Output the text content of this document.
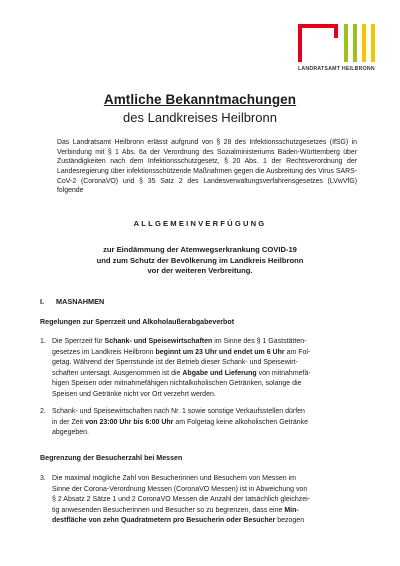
LANDRATSAMT HEILBRONN
Amtliche Bekanntmachungen
des Landkreises Heilbronn

Das Landratsamt Heilbronn erlässt aufgrund von § 28 des Infektionsschutzgesetzes (IfSG) in Verbindung mit § 1 Abs. 6a der Verordnung des Sozialministeriums Baden-Württemberg über Zuständigkeiten nach dem Infektionsschutzgesetz, § 20 Abs. 1 der Rechtsverordnung der Landesregierung über infektionsschützende Maßnahmen gegen die Ausbreitung des Virus SARS-CoV-2 (CoronaVO) und § 35 Satz 2 des Landesverwaltungsverfahrensgesetzes (LVwVfG) folgende

ALLGEMEINVERFÜGUNG
zur Eindämmung der Atemwegserkrankung COVID-19
und zum Schutz der Bevölkerung im Landkreis Heilbronn
vor der weiteren Verbreitung.
I. MASNAHMEN
Regelungen zur Sperrzeit und Alkoholaußerabgabeverbot
1. Die Sperrzeit für Schank- und Speisewirtschaften im Sinne des § 1 Gaststätten-
gesetzes im Landkreis Heilbronn beginnt um 23 Uhr und endet um 6 Uhr am Fol-
getag. Während der Sperrstunde ist der Betrieb dieser Schank- und Speisewirt-
schaften untersagt. Ausgenommen ist die Abgabe und Lieferung von mitnahmefä-
higen Speisen oder mitnahmefähigen nichtalkoholischen Getränken, solange die
Speisen und Getränke nicht vor Ort verzehrt werden.
2. Schank- und Speisewirtschaften nach Nr. 1 sowie sonstige Verkaufsstellen dürfen
in der Zeit von 23:00 Uhr bis 6:00 Uhr am Folgetag keine alkoholischen Getränke
abgegeben.
Begrenzung der Besucherzahl bei Messen
3. Die maximal mögliche Zahl von Besucherinnen und Besuchern von Messen im
Sinne der Corona-Verordnung Messen (CoronaVO Messen) ist in Abweichung von
§ 2 Absatz 2 Sätze 1 und 2 CoronaVO Messen die Anzahl der tatsächlich gleichzei-
tig anwesenden Besucherinnen und Besucher so zu begrenzen, dass eine Min-
destfläche von zehn Quadratmetern pro Besucherin oder Besucher bezogen
